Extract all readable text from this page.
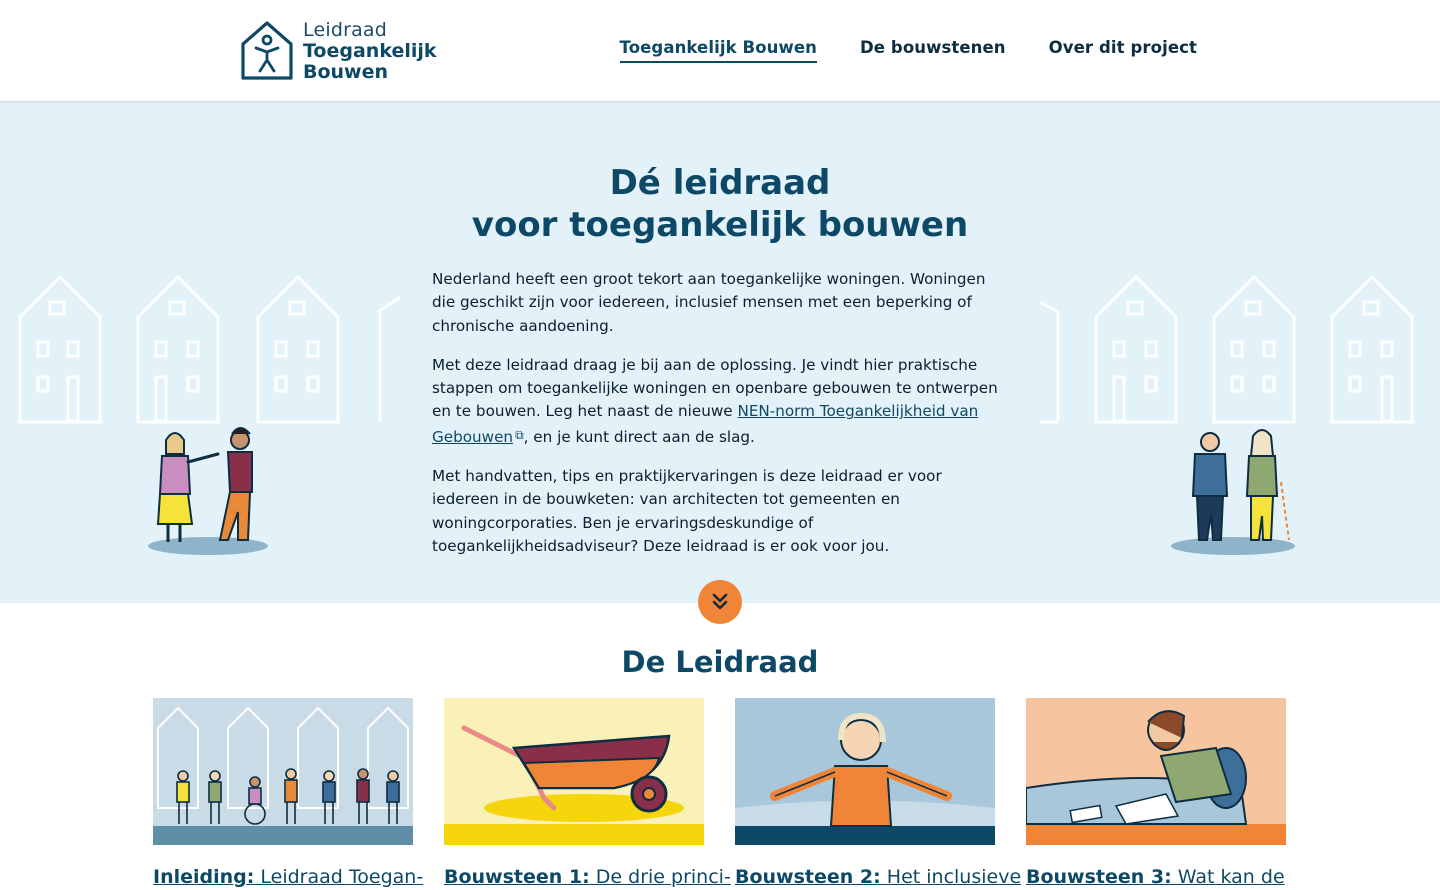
Leidraad
Toegankelijk
Bouwen
Toegankelijk Bouwen	De bouwstenen	Over dit project
Dé leidraad
voor toegankelijk bouwen

Nederland heeft een groot tekort aan toegankelijke woningen. Woningen die geschikt zijn voor iedereen, inclusief mensen met een beperking of chronische aandoening.

Met deze leidraad draag je bij aan de oplossing. Je vindt hier praktische stappen om toegankelijke woningen en openbare gebouwen te ontwerpen en te bouwen. Leg het naast de nieuwe NEN-norm Toegankelijkheid van Gebouwen ⧉, en je kunt direct aan de slag.

Met handvatten, tips en praktijkervaringen is deze leidraad er voor iedereen in de bouwketen: van architecten tot gemeenten en woningcorporaties. Ben je ervaringsdeskundige of toegankelijkheidsadviseur? Deze leidraad is er ook voor jou.

De Leidraad
Inleiding: Leidraad Toegan- Bouwsteen 1: De drie princi- Bouwsteen 2: Het inclusieve Bouwsteen 3: Wat kan de
